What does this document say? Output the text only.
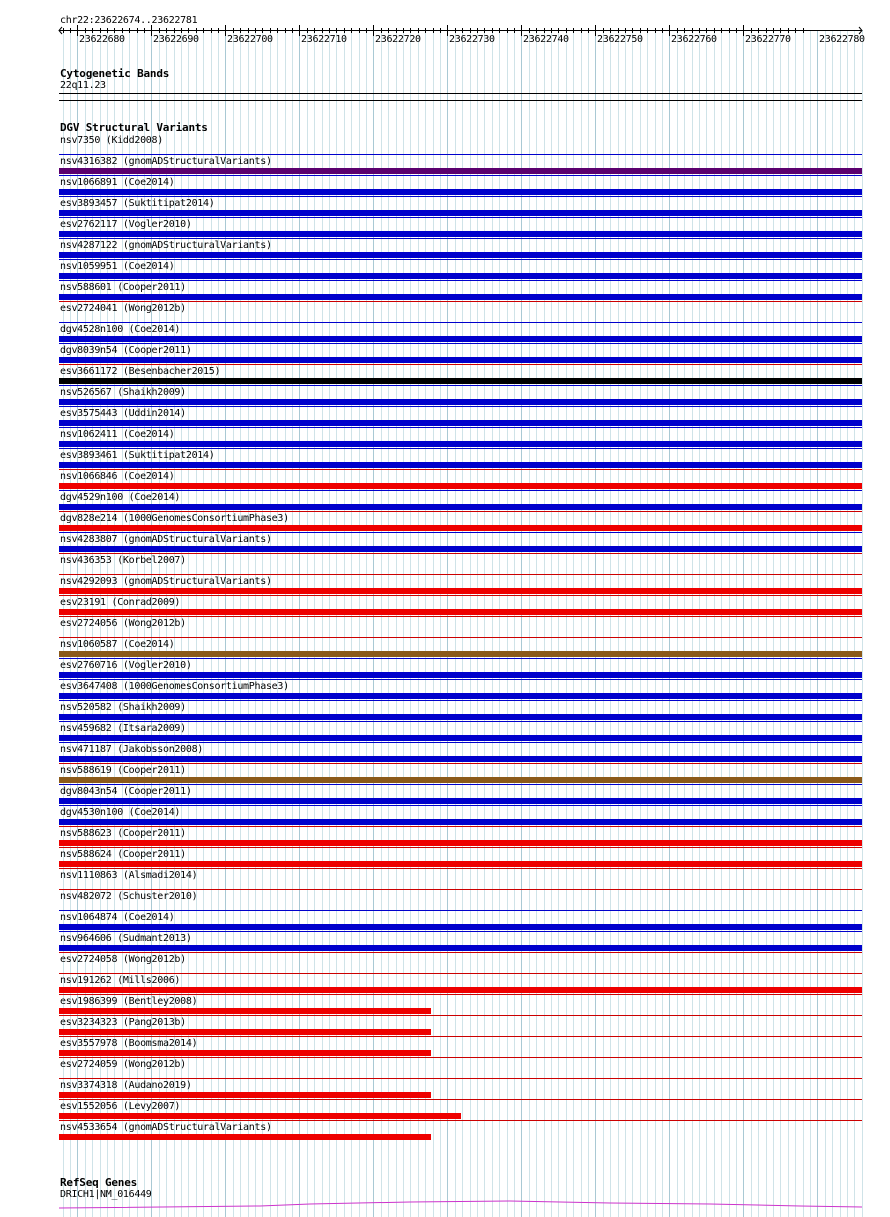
chr22:23622674..23622781
23622680	23622690	23622700	23622710	23622720	23622730	23622740	23622750	23622760	23622770	23622780
Cytogenetic Bands
22q11.23
DGV Structural Variants
nsv7350 (Kidd2008)
nsv4316382 (gnomADStructuralVariants)
nsv1066891 (Coe2014)
esv3893457 (Suktitipat2014)
esv2762117 (Vogler2010)
nsv4287122 (gnomADStructuralVariants)
nsv1059951 (Coe2014)
nsv588601 (Cooper2011)
esv2724041 (Wong2012b)
dgv4528n100 (Coe2014)
dgv8039n54 (Cooper2011)
esv3661172 (Besenbacher2015)
nsv526567 (Shaikh2009)
esv3575443 (Uddin2014)
nsv1062411 (Coe2014)
esv3893461 (Suktitipat2014)
nsv1066846 (Coe2014)
dgv4529n100 (Coe2014)
dgv828e214 (1000GenomesConsortiumPhase3)
nsv4283807 (gnomADStructuralVariants)
nsv436353 (Korbel2007)
nsv4292093 (gnomADStructuralVariants)
esv23191 (Conrad2009)
esv2724056 (Wong2012b)
nsv1060587 (Coe2014)
esv2760716 (Vogler2010)
esv3647408 (1000GenomesConsortiumPhase3)
nsv520582 (Shaikh2009)
nsv459682 (Itsara2009)
nsv471187 (Jakobsson2008)
nsv588619 (Cooper2011)
dgv8043n54 (Cooper2011)
dgv4530n100 (Coe2014)
nsv588623 (Cooper2011)
nsv588624 (Cooper2011)
nsv1110863 (Alsmadi2014)
nsv482072 (Schuster2010)
nsv1064874 (Coe2014)
nsv964606 (Sudmant2013)
esv2724058 (Wong2012b)
nsv191262 (Mills2006)
esv1986399 (Bentley2008)
esv3234323 (Pang2013b)
esv3557978 (Boomsma2014)
esv2724059 (Wong2012b)
nsv3374318 (Audano2019)
esv1552056 (Levy2007)
nsv4533654 (gnomADStructuralVariants)
RefSeq Genes
DRICH1|NM_016449
